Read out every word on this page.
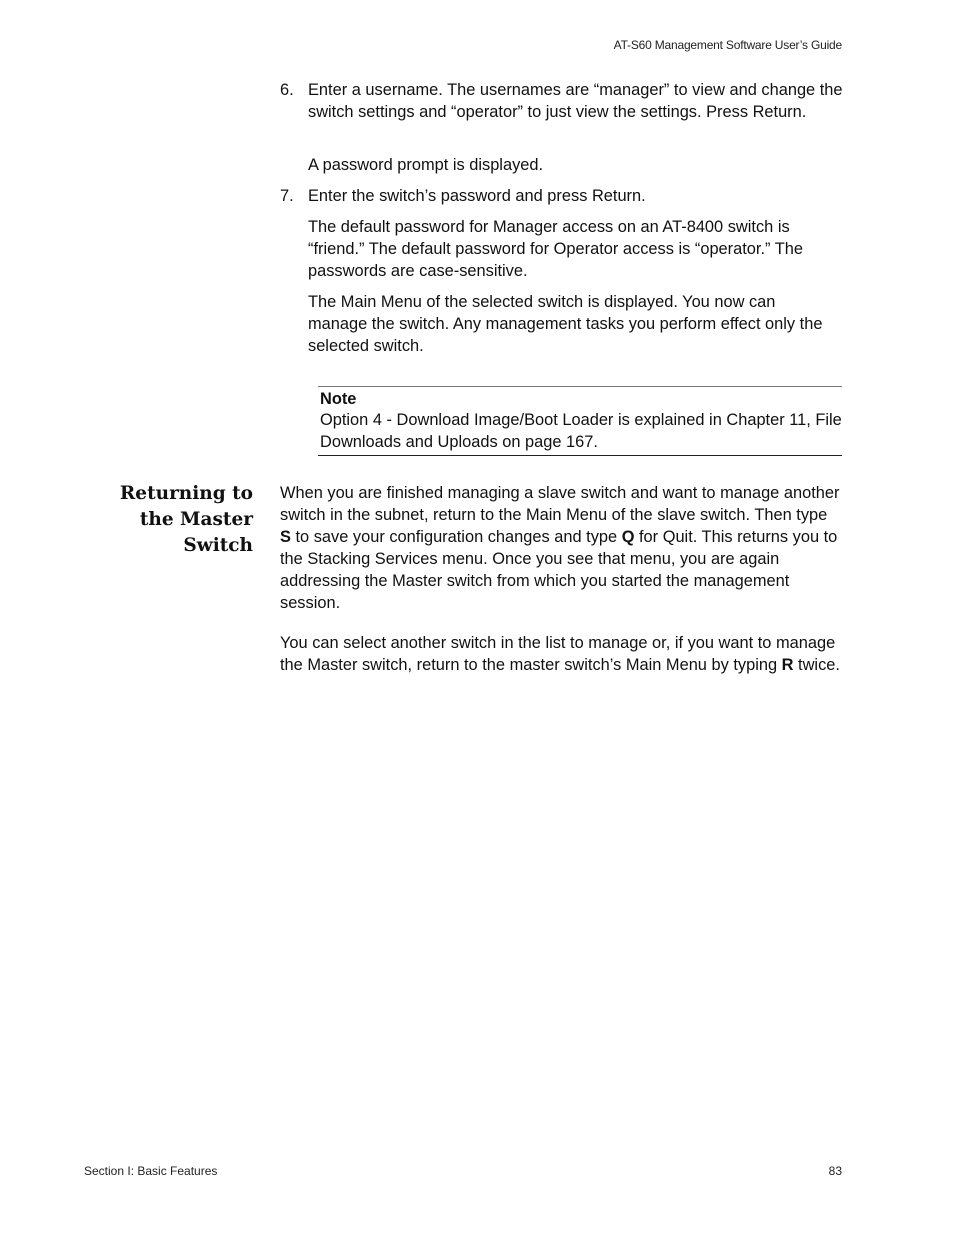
AT-S60 Management Software User’s Guide
6. Enter a username. The usernames are “manager” to view and change the switch settings and “operator” to just view the settings. Press Return.
A password prompt is displayed.
7. Enter the switch’s password and press Return.
The default password for Manager access on an AT-8400 switch is “friend.” The default password for Operator access is “operator.” The passwords are case-sensitive.
The Main Menu of the selected switch is displayed. You now can manage the switch. Any management tasks you perform effect only the selected switch.
Note
Option 4 - Download Image/Boot Loader is explained in Chapter 11, File Downloads and Uploads on page 167.
Returning to
the Master
Switch
When you are finished managing a slave switch and want to manage another switch in the subnet, return to the Main Menu of the slave switch. Then type S to save your configuration changes and type Q for Quit. This returns you to the Stacking Services menu. Once you see that menu, you are again addressing the Master switch from which you started the management session.
You can select another switch in the list to manage or, if you want to manage the Master switch, return to the master switch’s Main Menu by typing R twice.
Section I: Basic Features	83
